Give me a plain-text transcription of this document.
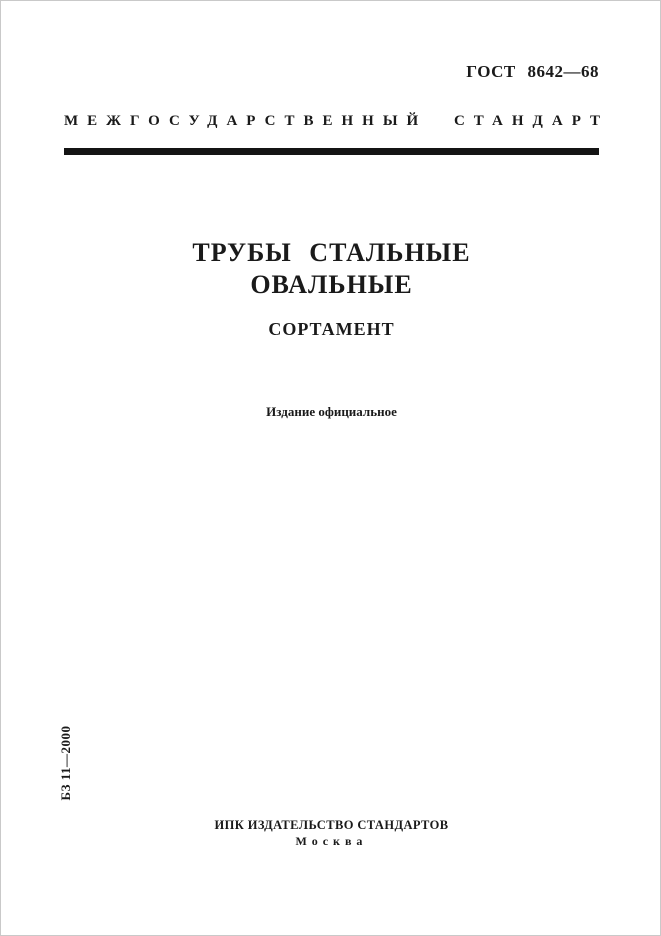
ГОСТ 8642—68
МЕЖГОСУДАРСТВЕННЫЙ СТАНДАРТ
ТРУБЫ СТАЛЬНЫЕ
ОВАЛЬНЫЕ
СОРТАМЕНТ
Издание официальное
БЗ 11—2000
ИПК ИЗДАТЕЛЬСТВО СТАНДАРТОВ
Москва
